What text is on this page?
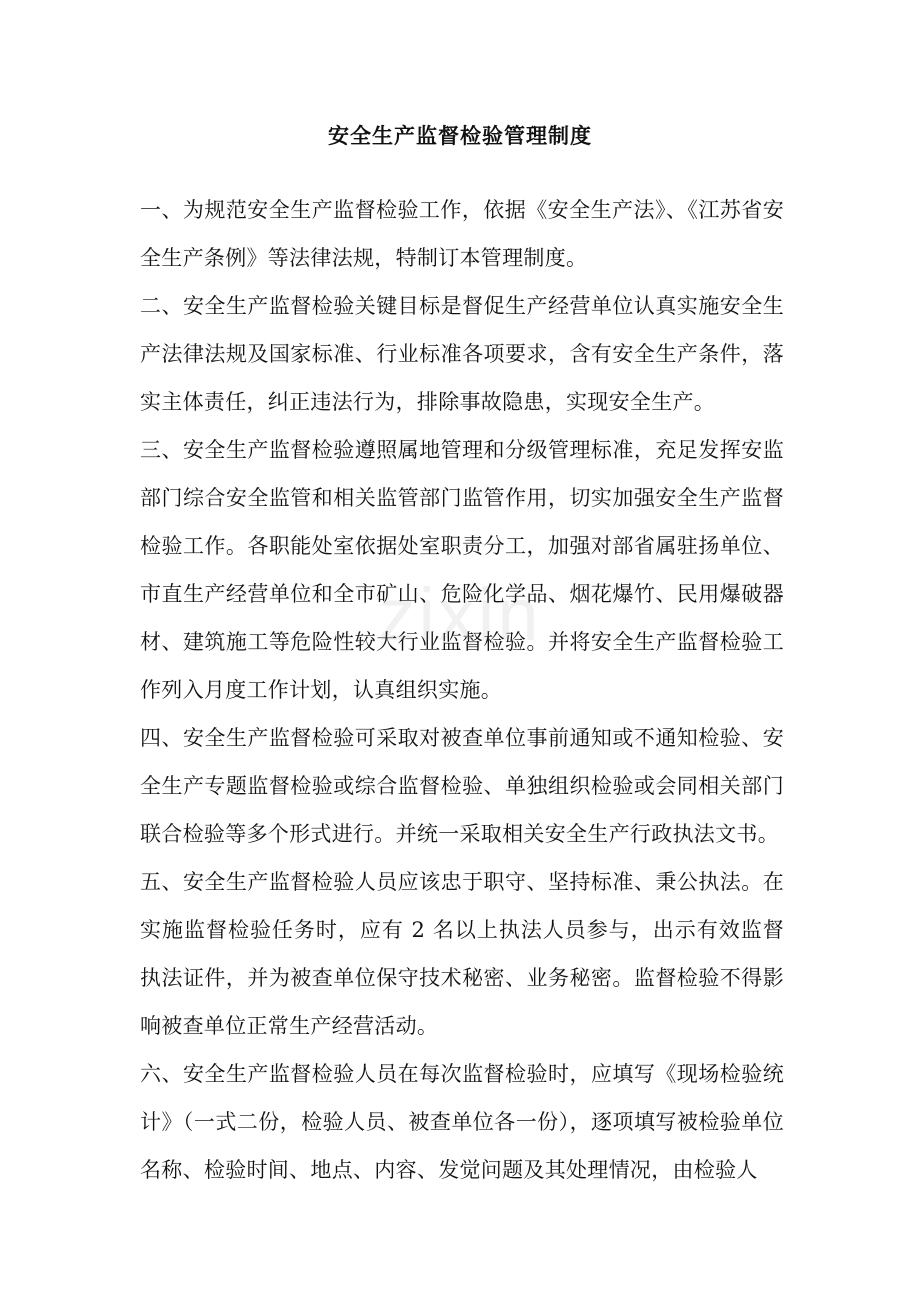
安全生产监督检验管理制度

一、为规范安全生产监督检验工作，依据《安全生产法》、《江苏省安全生产条例》等法律法规，特制订本管理制度。

二、安全生产监督检验关键目标是督促生产经营单位认真实施安全生产法律法规及国家标准、行业标准各项要求，含有安全生产条件，落实主体责任，纠正违法行为，排除事故隐患，实现安全生产。

三、安全生产监督检验遵照属地管理和分级管理标准，充足发挥安监部门综合安全监管和相关监管部门监管作用，切实加强安全生产监督检验工作。各职能处室依据处室职责分工，加强对部省属驻扬单位、市直生产经营单位和全市矿山、危险化学品、烟花爆竹、民用爆破器材、建筑施工等危险性较大行业监督检验。并将安全生产监督检验工作列入月度工作计划，认真组织实施。

四、安全生产监督检验可采取对被查单位事前通知或不通知检验、安全生产专题监督检验或综合监督检验、单独组织检验或会同相关部门联合检验等多个形式进行。并统一采取相关安全生产行政执法文书。

五、安全生产监督检验人员应该忠于职守、坚持标准、秉公执法。在实施监督检验任务时，应有 2 名以上执法人员参与，出示有效监督执法证件，并为被查单位保守技术秘密、业务秘密。监督检验不得影响被查单位正常生产经营活动。

六、安全生产监督检验人员在每次监督检验时，应填写《现场检验统计》（一式二份，检验人员、被查单位各一份），逐项填写被检验单位名称、检验时间、地点、内容、发觉问题及其处理情况，由检验人

zixin
